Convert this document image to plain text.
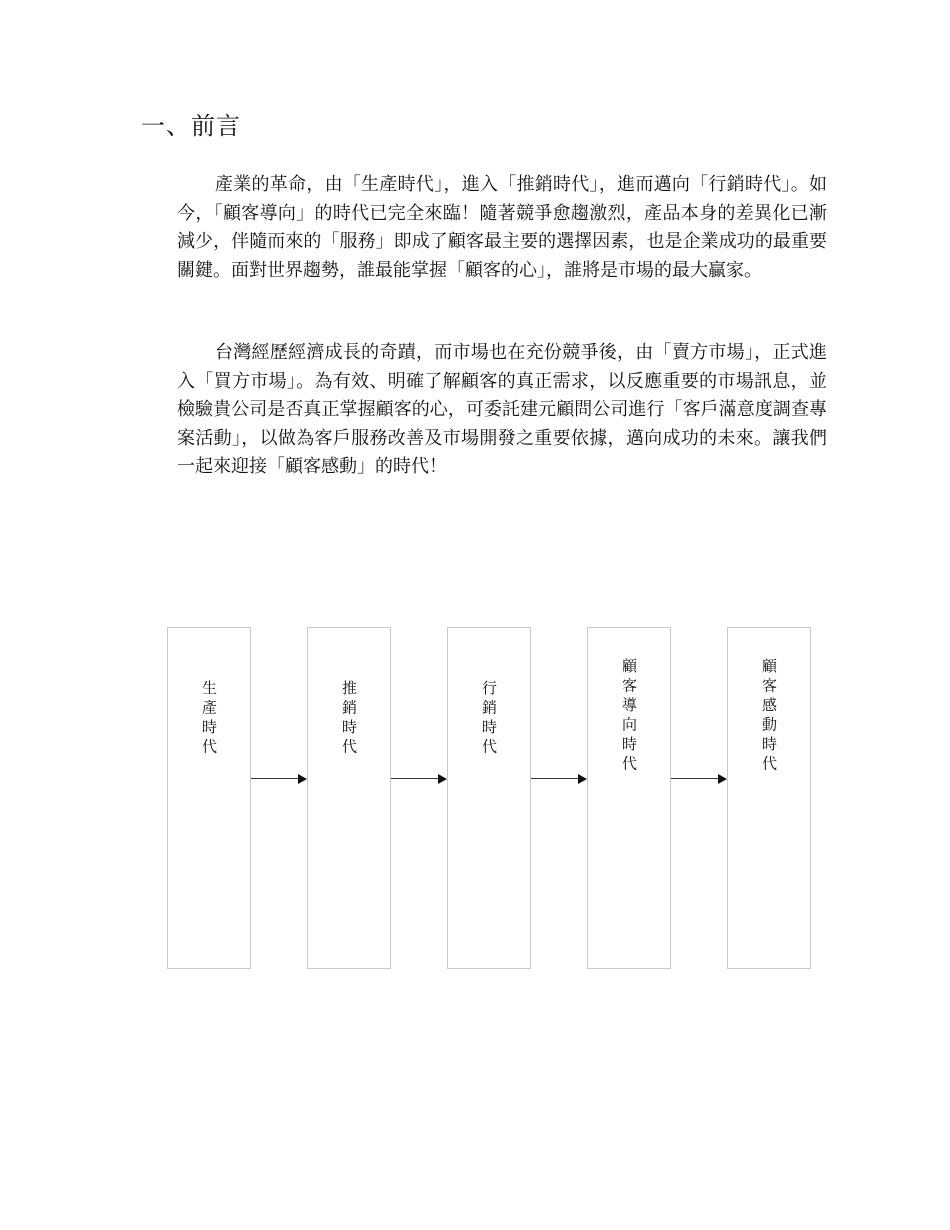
一、前言

產業的革命，由「生產時代」，進入「推銷時代」，進而邁向「行銷時代」。如今，「顧客導向」的時代已完全來臨！隨著競爭愈趨激烈，產品本身的差異化已漸減少，伴隨而來的「服務」即成了顧客最主要的選擇因素，也是企業成功的最重要關鍵。面對世界趨勢，誰最能掌握「顧客的心」，誰將是市場的最大贏家。

台灣經歷經濟成長的奇蹟，而市場也在充份競爭後，由「賣方市場」，正式進入「買方市場」。為有效、明確了解顧客的真正需求，以反應重要的市場訊息，並檢驗貴公司是否真正掌握顧客的心，可委託建元顧問公司進行「客戶滿意度調查專案活動」，以做為客戶服務改善及市場開發之重要依據，邁向成功的未來。讓我們一起來迎接「顧客感動」的時代！

生產時代	推銷時代	行銷時代	顧客導向時代	顧客感動時代
